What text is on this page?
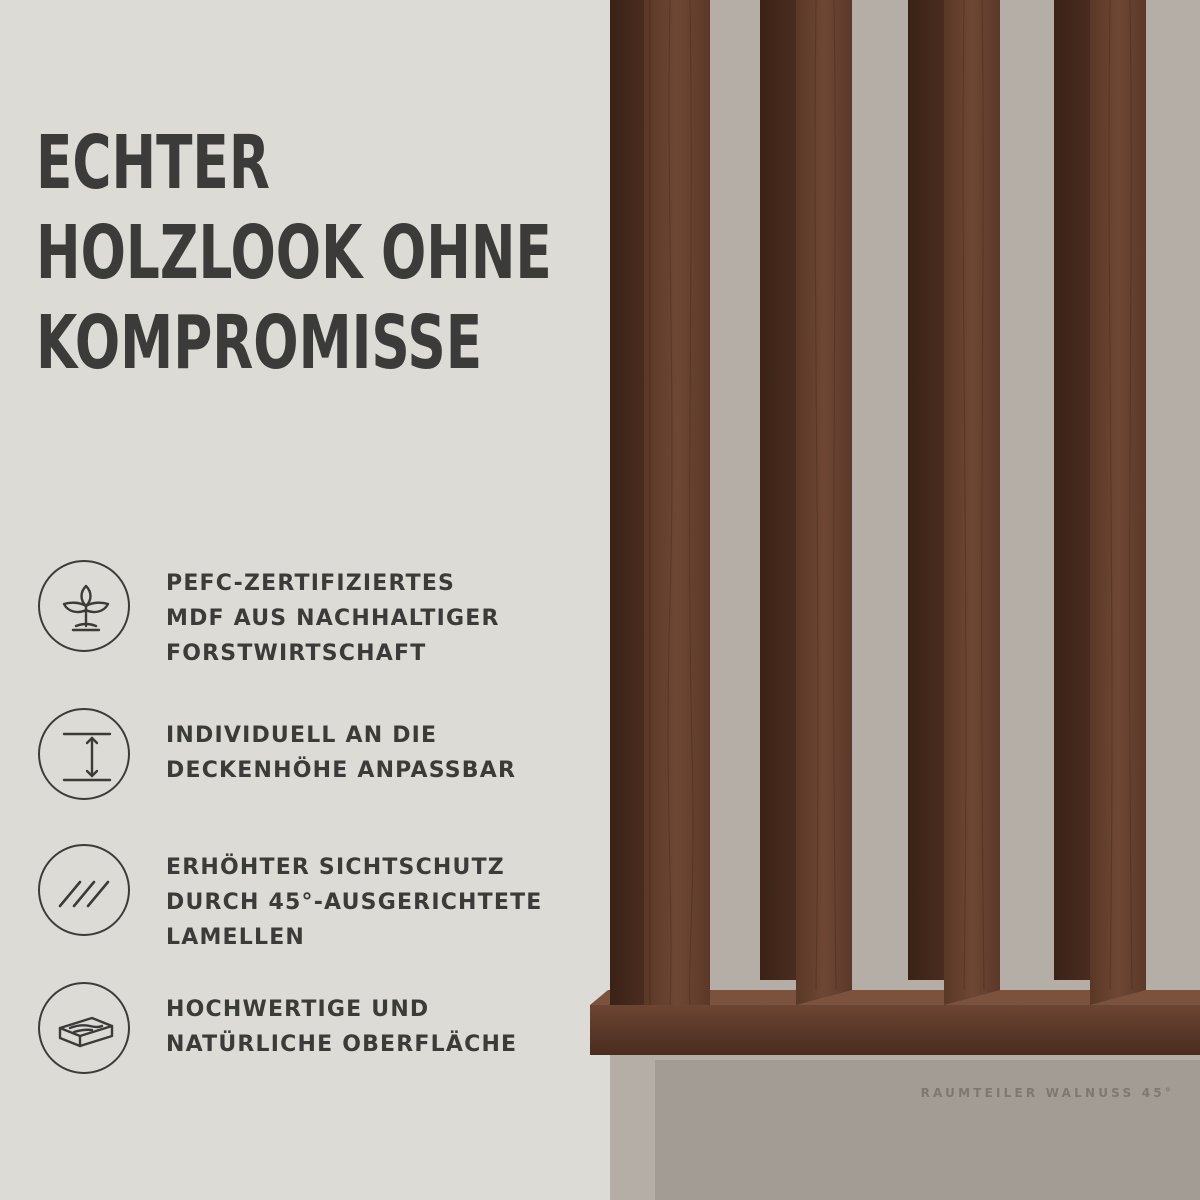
ECHTER
HOLZLOOK OHNE
KOMPROMISSE
PEFC-ZERTIFIZIERTES
MDF AUS NACHHALTIGER
FORSTWIRTSCHAFT
INDIVIDUELL AN DIE
DECKENHÖHE ANPASSBAR
ERHÖHTER SICHTSCHUTZ
DURCH 45°-AUSGERICHTETE
LAMELLEN
HOCHWERTIGE UND
NATÜRLICHE OBERFLÄCHE
RAUMTEILER WALNUSS 45°
